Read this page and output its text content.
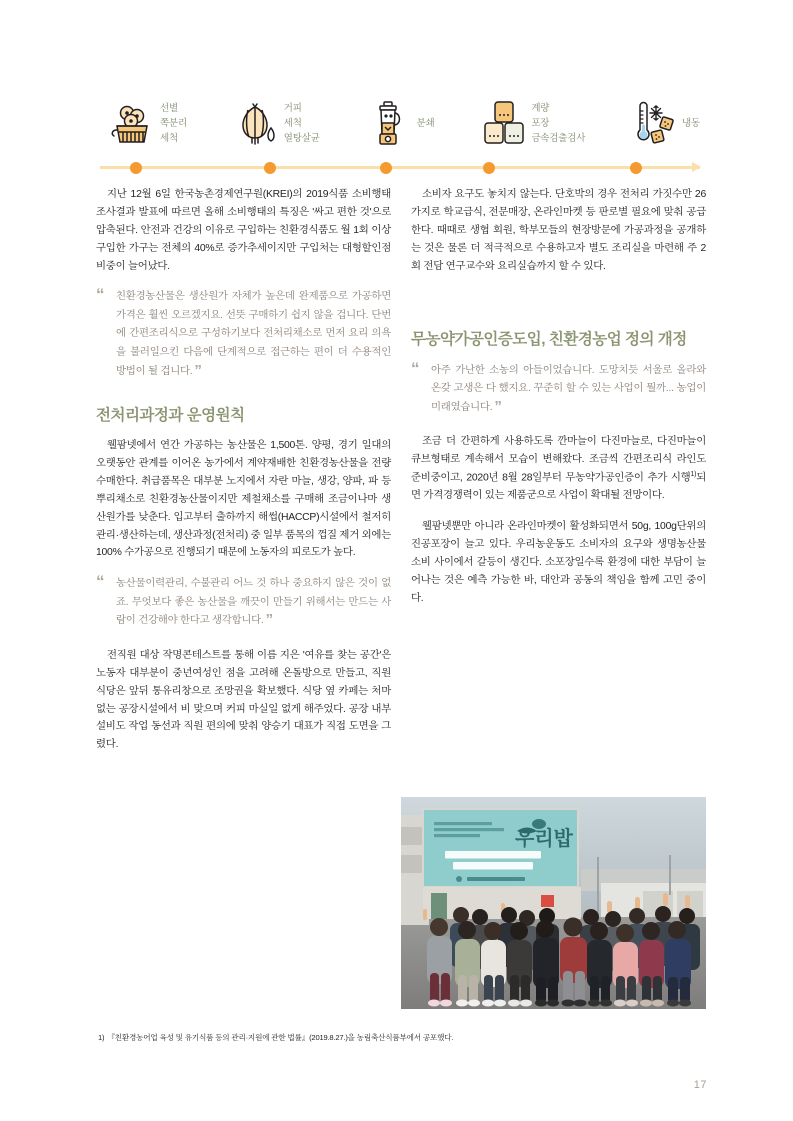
선별
쪽분리
세척
거피
세척
열탕살균
분쇄
계량
포장
금속검출검사
냉동

지난 12월 6일 한국농촌경제연구원(KREI)의 2019식품 소비행태 조사결과 발표에 따르면 올해 소비행태의 특징은 '싸고 편한 것'으로 압축된다. 안전과 건강의 이유로 구입하는 친환경식품도 월 1회 이상 구입한 가구는 전체의 40%로 증가추세이지만 구입처는 대형할인점 비중이 늘어났다.

“ 친환경농산물은 생산원가 자체가 높은데 완제품으로 가공하면 가격은 훨씬 오르겠지요. 선뜻 구매하기 쉽지 않을 겁니다. 단번에 간편조리식으로 구성하기보다 전처리채소로 먼저 요리 의욕을 불러일으킨 다음에 단계적으로 접근하는 편이 더 수용적인 방법이 될 겁니다. ”
전처리과정과 운영원칙

웰팜넷에서 연간 가공하는 농산물은 1,500톤. 양평, 경기 일대의 오랫동안 관계를 이어온 농가에서 계약재배한 친환경농산물을 전량 수매한다. 취급품목은 대부분 노지에서 자란 마늘, 생강, 양파, 파 등 뿌리채소로 친환경농산물이지만 제철채소를 구매해 조금이나마 생산원가를 낮춘다. 입고부터 출하까지 해썹(HACCP)시설에서 철저히 관리·생산하는데, 생산과정(전처리) 중 일부 품목의 껍질 제거 외에는 100% 수가공으로 진행되기 때문에 노동자의 피로도가 높다.

“ 농산물이력관리, 수불관리 어느 것 하나 중요하지 않은 것이 없죠. 무엇보다 좋은 농산물을 깨끗이 만들기 위해서는 만드는 사람이 건강해야 한다고 생각합니다. ”

전직원 대상 작명콘테스트를 통해 이름 지은 '여유를 찾는 공간'은 노동자 대부분이 중년여성인 점을 고려해 온돌방으로 만들고, 직원식당은 앞뒤 통유리창으로 조망권을 확보했다. 식당 옆 카페는 처마 없는 공장시설에서 비 맞으며 커피 마실일 없게 해주었다. 공장 내부 설비도 작업 동선과 직원 편의에 맞춰 양승기 대표가 직접 도면을 그렸다.

소비자 요구도 놓치지 않는다. 단호박의 경우 전처리 가짓수만 26가지로 학교급식, 전문매장, 온라인마켓 등 판로별 필요에 맞춰 공급한다. 때때로 생협 회원, 학부모들의 현장방문에 가공과정을 공개하는 것은 물론 더 적극적으로 수용하고자 별도 조리실을 마련해 주 2회 전담 연구교수와 요리실습까지 할 수 있다.

무농약가공인증도입, 친환경농업 정의 개정
“ 아주 가난한 소농의 아들이었습니다. 도망치듯 서울로 올라와 온갖 고생은 다 했지요. 꾸준히 할 수 있는 사업이 뭘까... 농업이 미래였습니다. ”

조금 더 간편하게 사용하도록 깐마늘이 다진마늘로, 다진마늘이 큐브형태로 계속해서 모습이 변해왔다. 조금씩 간편조리식 라인도 준비중이고, 2020년 8월 28일부터 무농약가공인증이 추가 시행$^{1)}$되면 가격경쟁력이 있는 제품군으로 사업이 확대될 전망이다.

웰팜넷뿐만 아니라 온라인마켓이 활성화되면서 50g, 100g단위의 진공포장이 늘고 있다. 우리농운동도 소비자의 요구와 생명농산물 소비 사이에서 갈등이 생긴다. 소포장일수록 환경에 대한 부담이 늘어나는 것은 예측 가능한 바, 대안과 공동의 책임을 함께 고민 중이다.

우리밥
1) 『친환경농어업 육성 및 유기식품 등의 관리·지원에 관한 법률』(2019.8.27.)을 농림축산식품부에서 공포했다.
17
